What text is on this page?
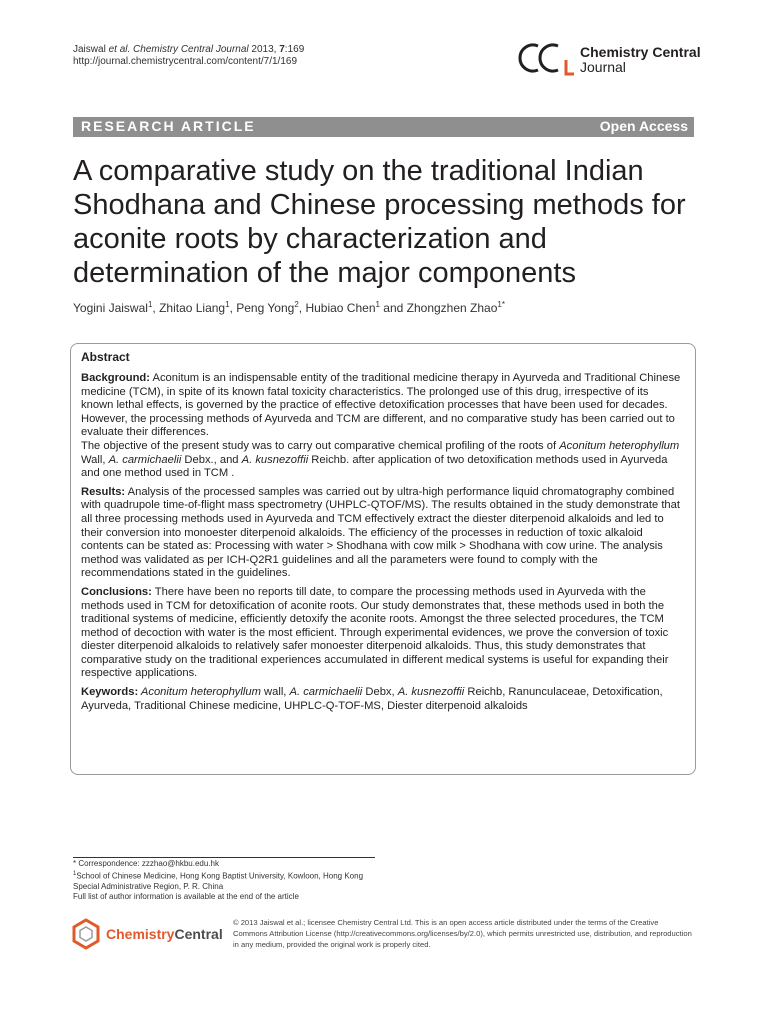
Jaiswal et al. Chemistry Central Journal 2013, 7:169
http://journal.chemistrycentral.com/content/7/1/169
Chemistry Central
Journal
RESEARCH ARTICLE	Open Access
A comparative study on the traditional Indian Shodhana and Chinese processing methods for aconite roots by characterization and determination of the major components
Yogini Jaiswal$^1$, Zhitao Liang$^1$, Peng Yong$^2$, Hubiao Chen$^1$ and Zhongzhen Zhao$^{1*}$

Abstract

Background: Aconitum is an indispensable entity of the traditional medicine therapy in Ayurveda and Traditional Chinese medicine (TCM), in spite of its known fatal toxicity characteristics. The prolonged use of this drug, irrespective of its known lethal effects, is governed by the practice of effective detoxification processes that have been used for decades. However, the processing methods of Ayurveda and TCM are different, and no comparative study has been carried out to evaluate their differences.

The objective of the present study was to carry out comparative chemical profiling of the roots of Aconitum heterophyllum Wall, A. carmichaelii Debx., and A. kusnezoffii Reichb. after application of two detoxification methods used in Ayurveda and one method used in TCM .

Results: Analysis of the processed samples was carried out by ultra-high performance liquid chromatography combined with quadrupole time-of-flight mass spectrometry (UHPLC-QTOF/MS). The results obtained in the study demonstrate that all three processing methods used in Ayurveda and TCM effectively extract the diester diterpenoid alkaloids and led to their conversion into monoester diterpenoid alkaloids. The efficiency of the processes in reduction of toxic alkaloid contents can be stated as: Processing with water > Shodhana with cow milk > Shodhana with cow urine. The analysis method was validated as per ICH-Q2R1 guidelines and all the parameters were found to comply with the recommendations stated in the guidelines.

Conclusions: There have been no reports till date, to compare the processing methods used in Ayurveda with the methods used in TCM for detoxification of aconite roots. Our study demonstrates that, these methods used in both the traditional systems of medicine, efficiently detoxify the aconite roots. Amongst the three selected procedures, the TCM method of decoction with water is the most efficient. Through experimental evidences, we prove the conversion of toxic diester diterpenoid alkaloids to relatively safer monoester diterpenoid alkaloids. Thus, this study demonstrates that comparative study on the traditional experiences accumulated in different medical systems is useful for expanding their respective applications.

Keywords: Aconitum heterophyllum wall, A. carmichaelii Debx, A. kusnezoffii Reichb, Ranunculaceae, Detoxification, Ayurveda, Traditional Chinese medicine, UHPLC-Q-TOF-MS, Diester diterpenoid alkaloids

* Correspondence: zzzhao@hkbu.edu.hk
$^1$School of Chinese Medicine, Hong Kong Baptist University, Kowloon, Hong Kong Special Administrative Region, P. R. China
Full list of author information is available at the end of the article
ChemistryCentral
© 2013 Jaiswal et al.; licensee Chemistry Central Ltd. This is an open access article distributed under the terms of the Creative Commons Attribution License (http://creativecommons.org/licenses/by/2.0), which permits unrestricted use, distribution, and reproduction in any medium, provided the original work is properly cited.
